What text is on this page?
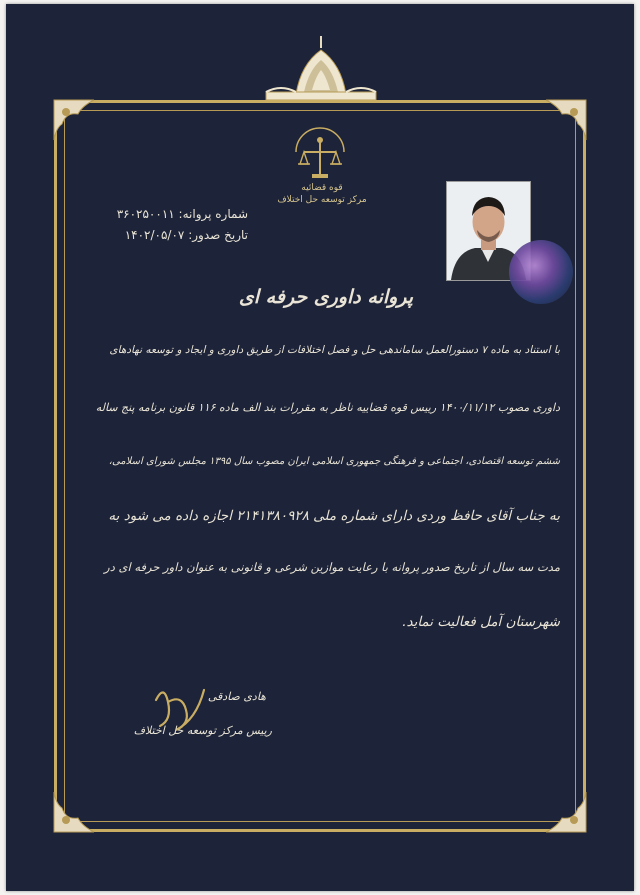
قوه قضائیه
مرکز توسعه حل اختلاف
شماره پروانه: ۳۶۰۲۵۰۰۱۱
تاریخ صدور: ۱۴۰۲/۰۵/۰۷
پروانه داوری حرفه ای
با استناد به ماده ۷ دستورالعمل ساماندهی حل و فصل اختلافات از طریق داوری و ایجاد و توسعه نهادهای
داوری مصوب ۱۴۰۰/۱۱/۱۲ رییس قوه قضاییه ناظر به مقررات بند الف ماده ۱۱۶ قانون برنامه پنج ساله
ششم توسعه اقتصادی، اجتماعی و فرهنگی جمهوری اسلامی ایران مصوب سال ۱۳۹۵ مجلس شورای اسلامی،
به جناب آقای حافظ وردی دارای شماره ملی ۲۱۴۱۳۸۰۹۲۸ اجازه داده می شود به
مدت سه سال از تاریخ صدور پروانه با رعایت موازین شرعی و قانونی به عنوان داور حرفه ای در
شهرستان آمل فعالیت نماید.
هادی صادقی
رییس مرکز توسعه حل اختلاف
